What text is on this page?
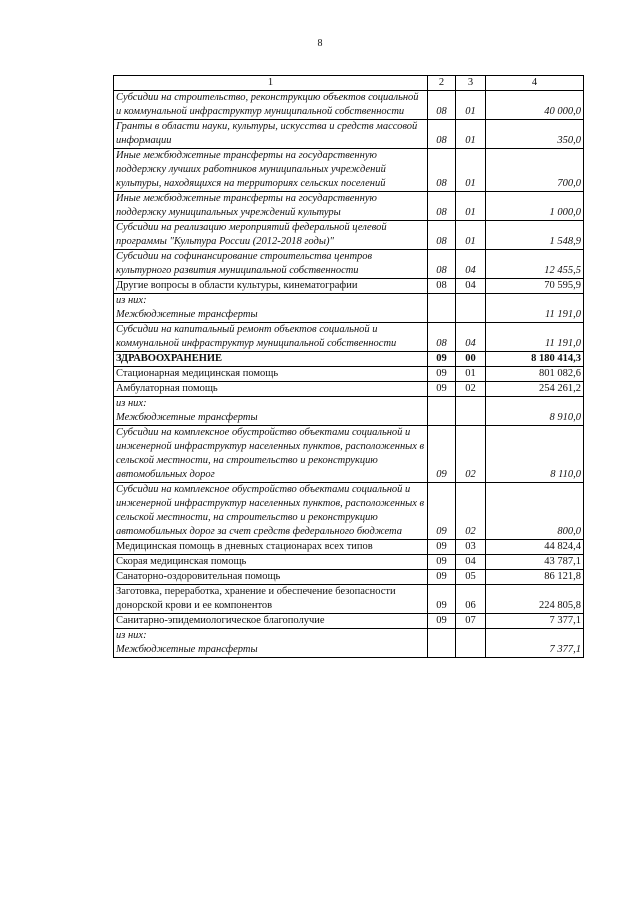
8
1	2	3	4
Субсидии на строительство, реконструкцию объектов социальной и коммунальной инфраструктур муниципальной собственности	08	01	40 000,0
Гранты в области науки, культуры, искусства и средств массовой информации	08	01	350,0
Иные межбюджетные трансферты на государственную поддержку лучших работников муниципальных учреждений культуры, находящихся на территориях сельских поселений	08	01	700,0
Иные межбюджетные трансферты на государственную поддержку муниципальных учреждений культуры	08	01	1 000,0
Субсидии на реализацию мероприятий федеральной целевой программы "Культура России (2012-2018 годы)"	08	01	1 548,9
Субсидии на софинансирование строительства центров культурного развития муниципальной собственности	08	04	12 455,5
Другие вопросы в области культуры, кинематографии	08	04	70 595,9

из них:
Межбюджетные трансферты			11 191,0
Субсидии на капитальный ремонт объектов социальной и коммунальной инфраструктур муниципальной собственности	08	04	11 191,0
ЗДРАВООХРАНЕНИЕ	09	00	8 180 414,3
Стационарная медицинская помощь	09	01	801 082,6
Амбулаторная помощь	09	02	254 261,2

из них:
Межбюджетные трансферты			8 910,0
Субсидии на комплексное обустройство объектами социальной и инженерной инфраструктур населенных пунктов, расположенных в сельской местности, на строительство и реконструкцию автомобильных дорог	09	02	8 110,0
Субсидии на комплексное обустройство объектами социальной и инженерной инфраструктур населенных пунктов, расположенных в сельской местности, на строительство и реконструкцию автомобильных дорог за счет средств федерального бюджета	09	02	800,0
Медицинская помощь в дневных стационарах всех типов	09	03	44 824,4
Скорая медицинская помощь	09	04	43 787,1
Санаторно-оздоровительная помощь	09	05	86 121,8
Заготовка, переработка, хранение и обеспечение безопасности донорской крови и ее компонентов	09	06	224 805,8
Санитарно-эпидемиологическое благополучие	09	07	7 377,1

из них:
Межбюджетные трансферты			7 377,1
